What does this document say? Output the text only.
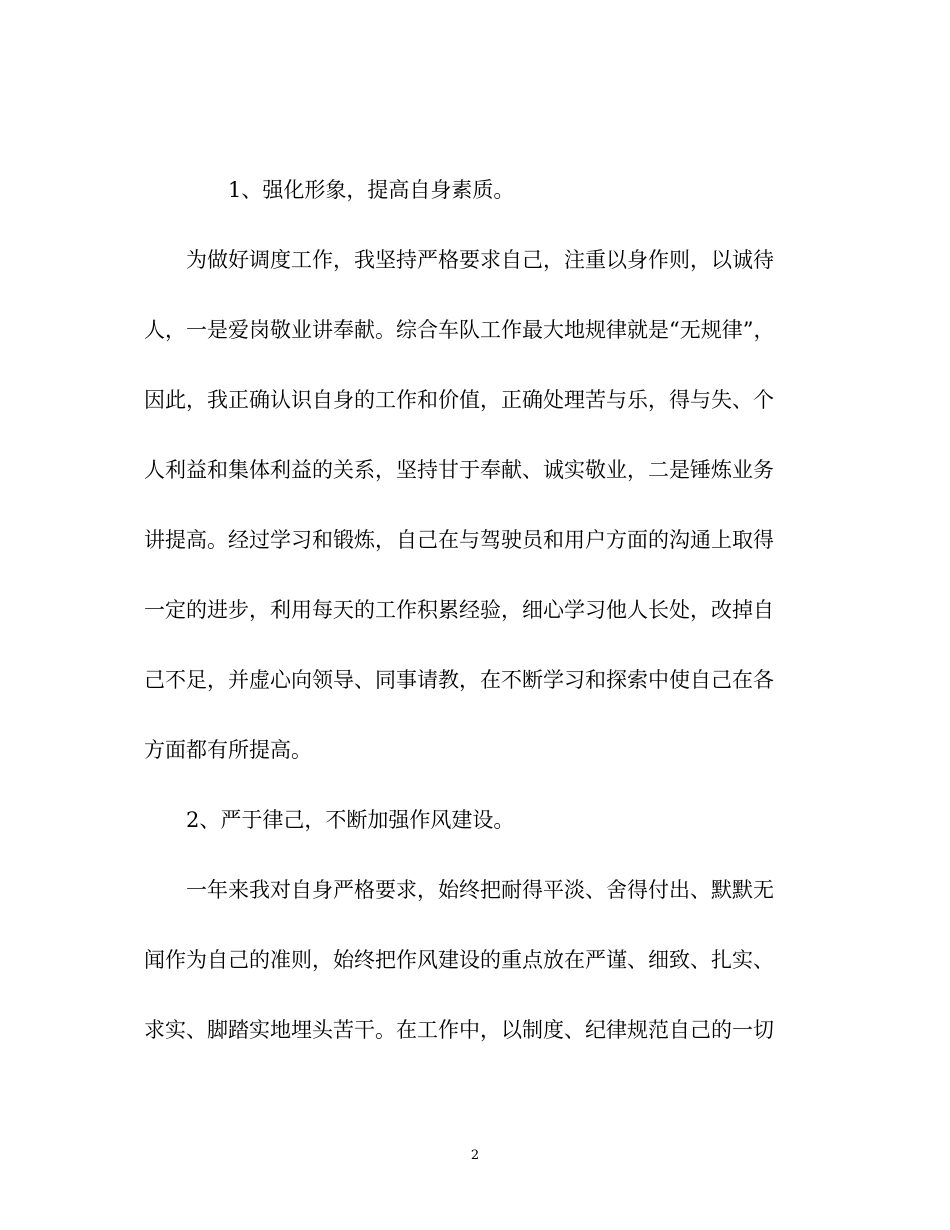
1、强化形象，提高自身素质。
为做好调度工作，我坚持严格要求自己，注重以身作则，以诚待
人，一是爱岗敬业讲奉献。综合车队工作最大地规律就是“无规律”，
因此，我正确认识自身的工作和价值，正确处理苦与乐，得与失、个
人利益和集体利益的关系，坚持甘于奉献、诚实敬业，二是锤炼业务
讲提高。经过学习和锻炼，自己在与驾驶员和用户方面的沟通上取得
一定的进步，利用每天的工作积累经验，细心学习他人长处，改掉自
己不足，并虚心向领导、同事请教，在不断学习和探索中使自己在各
方面都有所提高。
2、严于律己，不断加强作风建设。
一年来我对自身严格要求，始终把耐得平淡、舍得付出、默默无
闻作为自己的准则，始终把作风建设的重点放在严谨、细致、扎实、
求实、脚踏实地埋头苦干。在工作中，以制度、纪律规范自己的一切
2
